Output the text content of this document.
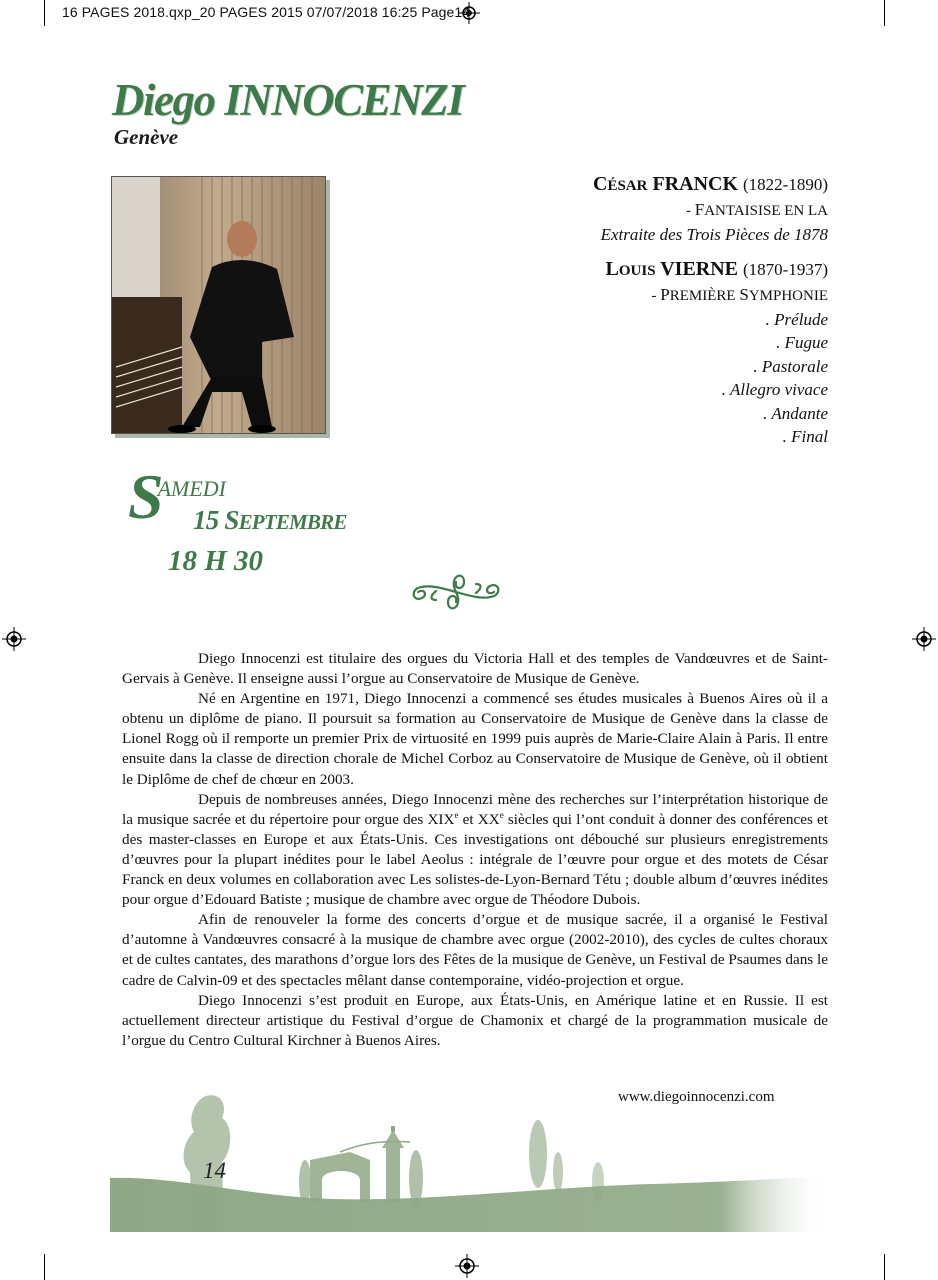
16 PAGES 2018.qxp_20 PAGES 2015 07/07/2018 16:25 Page14
Diego INNOCENZI
Genève
CÉSAR FRANCK (1822-1890)
- FANTAISISE EN LA
Extraite des Trois Pièces de 1878
LOUIS VIERNE (1870-1937)
- PREMIÈRE SYMPHONIE
. Prélude
. Fugue
. Pastorale
. Allegro vivace
. Andante
. Final
SAMEDI
15 SEPTEMBRE
18 H 30

Diego Innocenzi est titulaire des orgues du Victoria Hall et des temples de Vandœuvres et de Saint-Gervais à Genève. Il enseigne aussi l’orgue au Conservatoire de Musique de Genève.

Né en Argentine en 1971, Diego Innocenzi a commencé ses études musicales à Buenos Aires où il a obtenu un diplôme de piano. Il poursuit sa formation au Conservatoire de Musique de Genève dans la classe de Lionel Rogg où il remporte un premier Prix de virtuosité en 1999 puis auprès de Marie-Claire Alain à Paris. Il entre ensuite dans la classe de direction chorale de Michel Corboz au Conservatoire de Musique de Genève, où il obtient le Diplôme de chef de chœur en 2003.

Depuis de nombreuses années, Diego Innocenzi mène des recherches sur l’interprétation historique de la musique sacrée et du répertoire pour orgue des XIXe et XXe siècles qui l’ont conduit à donner des conférences et des master-classes en Europe et aux États-Unis. Ces investigations ont débouché sur plusieurs enregistrements d’œuvres pour la plupart inédites pour le label Aeolus : intégrale de l’œuvre pour orgue et des motets de César Franck en deux volumes en collaboration avec Les solistes-de-Lyon-Bernard Tétu ; double album d’œuvres inédites pour orgue d’Edouard Batiste ; musique de chambre avec orgue de Théodore Dubois.

Afin de renouveler la forme des concerts d’orgue et de musique sacrée, il a organisé le Festival d’automne à Vandœuvres consacré à la musique de chambre avec orgue (2002-2010), des cycles de cultes choraux et de cultes cantates, des marathons d’orgue lors des Fêtes de la musique de Genève, un Festival de Psaumes dans le cadre de Calvin-09 et des spectacles mêlant danse contemporaine, vidéo-projection et orgue.

Diego Innocenzi s’est produit en Europe, aux États-Unis, en Amérique latine et en Russie. Il est actuellement directeur artistique du Festival d’orgue de Chamonix et chargé de la programmation musicale de l’orgue du Centro Cultural Kirchner à Buenos Aires.

www.diegoinnocenzi.com
14
